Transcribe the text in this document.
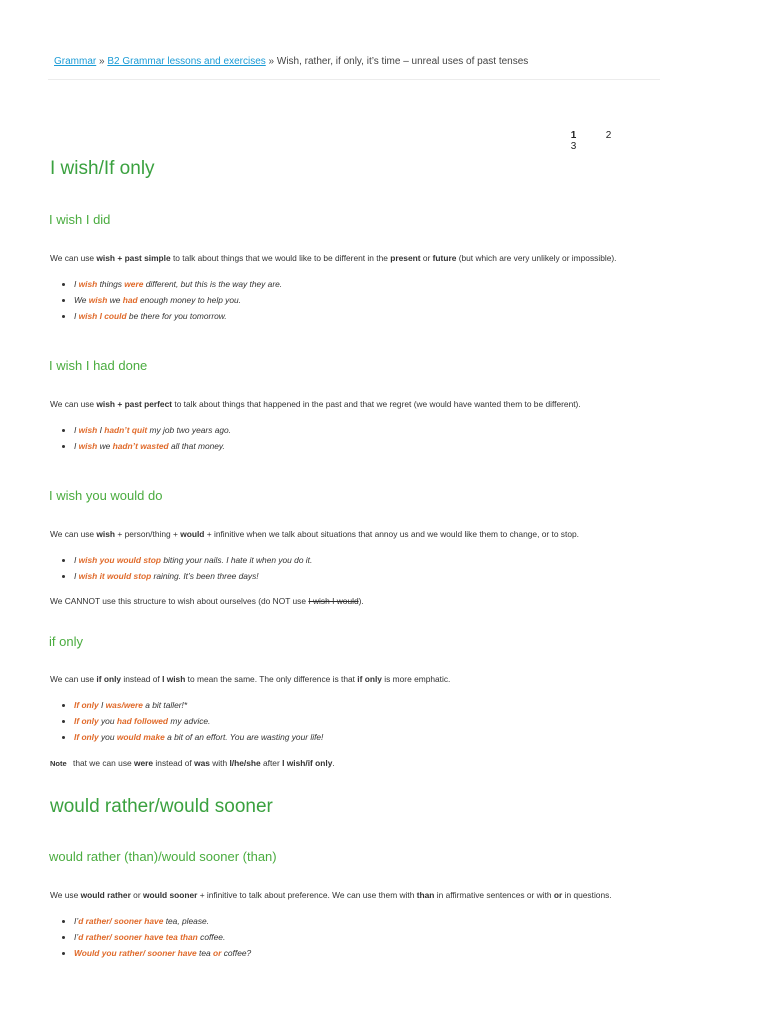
Grammar » B2 Grammar lessons and exercises » Wish, rather, if only, it’s time – unreal uses of past tenses
1	23
I wish/If only
I wish I did

We can use wish + past simple to talk about things that we would like to be different in the present or future (but which are very unlikely or impossible).

• I wish things were different, but this is the way they are.
• We wish we had enough money to help you.
• I wish I could be there for you tomorrow.
I wish I had done

We can use wish + past perfect to talk about things that happened in the past and that we regret (we would have wanted them to be different).

• I wish I hadn’t quit my job two years ago.
• I wish we hadn’t wasted all that money.
I wish you would do

We can use wish + person/thing + would + infinitive when we talk about situations that annoy us and we would like them to change, or to stop.

• I wish you would stop biting your nails. I hate it when you do it.
• I wish it would stop raining. It’s been three days!

We CANNOT use this structure to wish about ourselves (do NOT use I wish I would).

if only

We can use if only instead of I wish to mean the same. The only difference is that if only is more emphatic.

• If only I was/were a bit taller!*
• If only you had followed my advice.
• If only you would make a bit of an effort. You are wasting your life!

Note that we can use were instead of was with I/he/she after I wish/if only.

would rather/would sooner
would rather (than)/would sooner (than)

We use would rather or would sooner + infinitive to talk about preference. We can use them with than in affirmative sentences or with or in questions.

• I’d rather/ sooner have tea, please.
• I’d rather/ sooner have tea than coffee.
• Would you rather/ sooner have tea or coffee?
